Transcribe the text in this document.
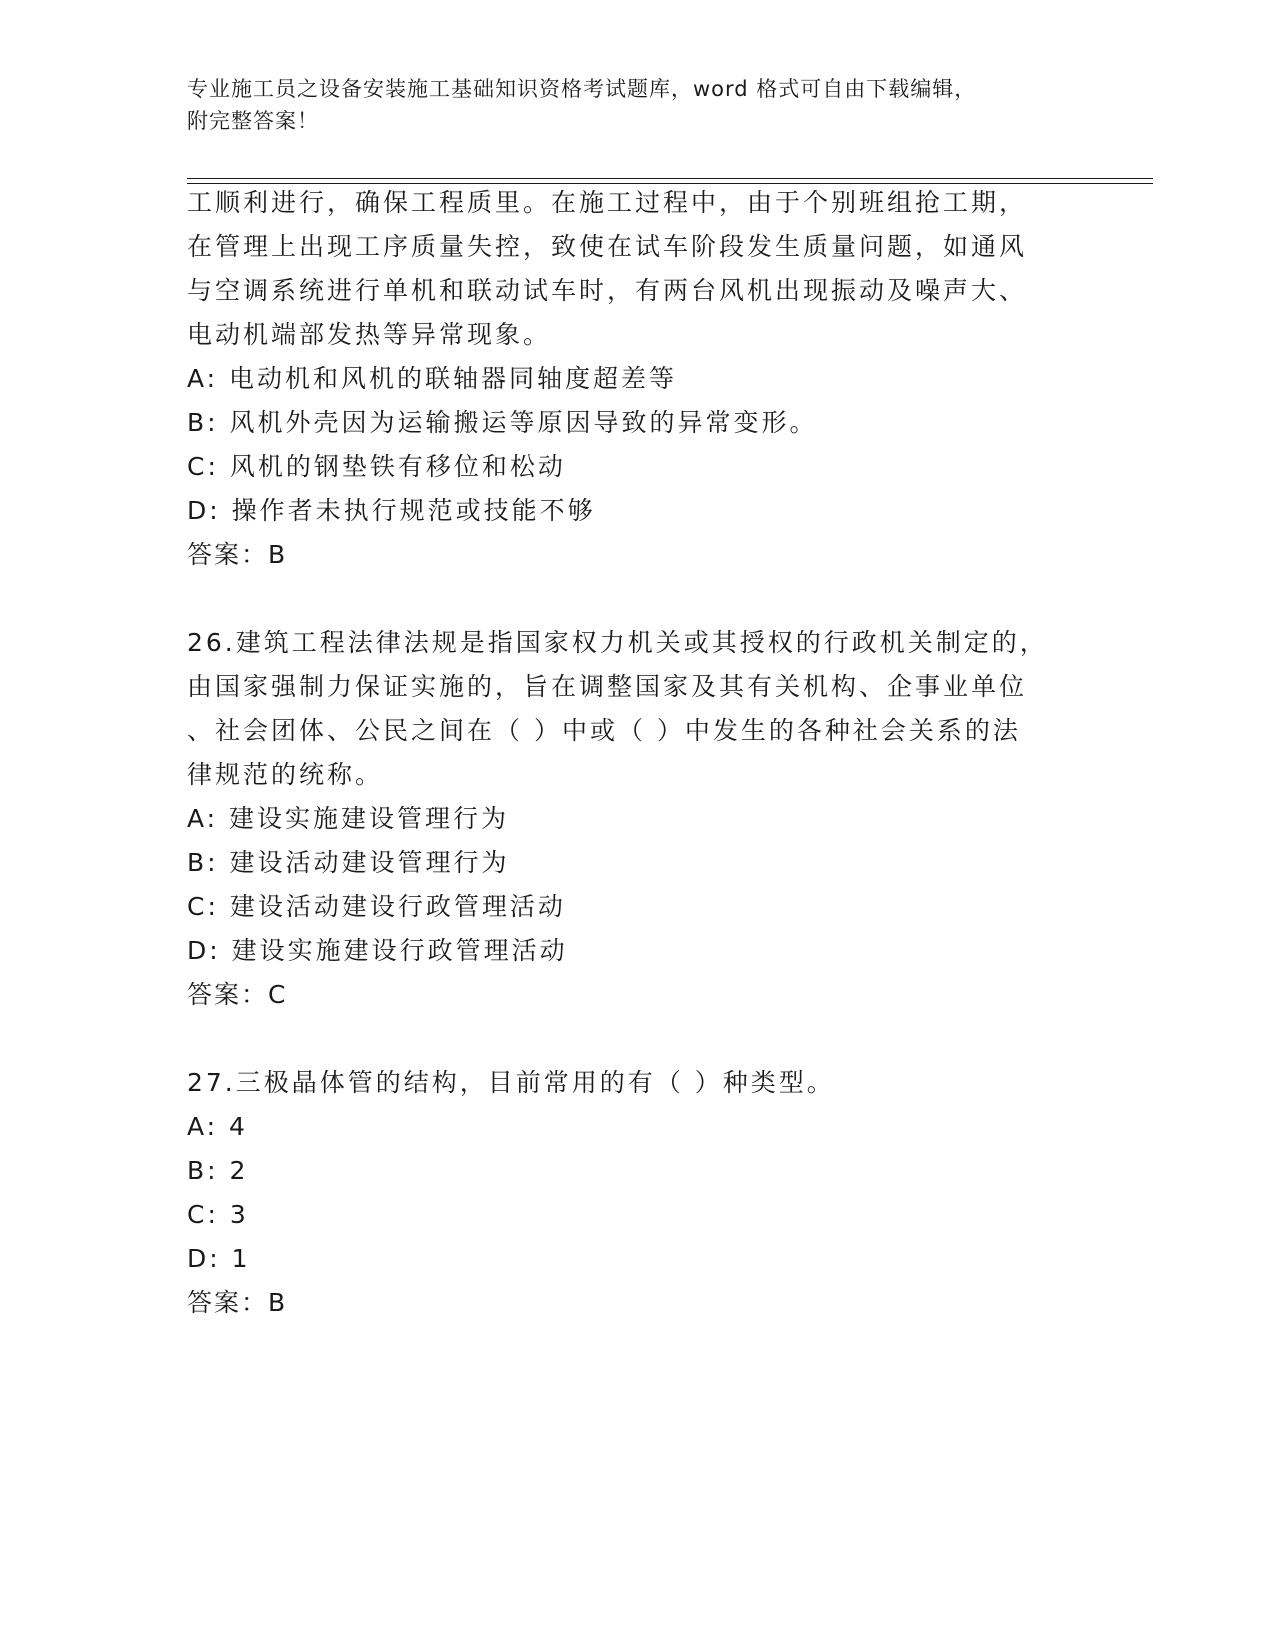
专业施工员之设备安装施工基础知识资格考试题库，word 格式可自由下载编辑，
附完整答案！
工顺利进行，确保工程质里。在施工过程中，由于个别班组抢工期，
在管理上出现工序质量失控，致使在试车阶段发生质量问题，如通风
与空调系统进行单机和联动试车时，有两台风机出现振动及噪声大、
电动机端部发热等异常现象。
A: 电动机和风机的联轴器同轴度超差等
B: 风机外壳因为运输搬运等原因导致的异常变形。
C: 风机的钢垫铁有移位和松动
D: 操作者未执行规范或技能不够
答案：B
26.建筑工程法律法规是指国家权力机关或其授权的行政机关制定的，
由国家强制力保证实施的，旨在调整国家及其有关机构、企事业单位
、社会团体、公民之间在（ ）中或（ ）中发生的各种社会关系的法
律规范的统称。
A: 建设实施建设管理行为
B: 建设活动建设管理行为
C: 建设活动建设行政管理活动
D: 建设实施建设行政管理活动
答案：C
27.三极晶体管的结构，目前常用的有（ ）种类型。
A: 4
B: 2
C: 3
D: 1
答案：B
